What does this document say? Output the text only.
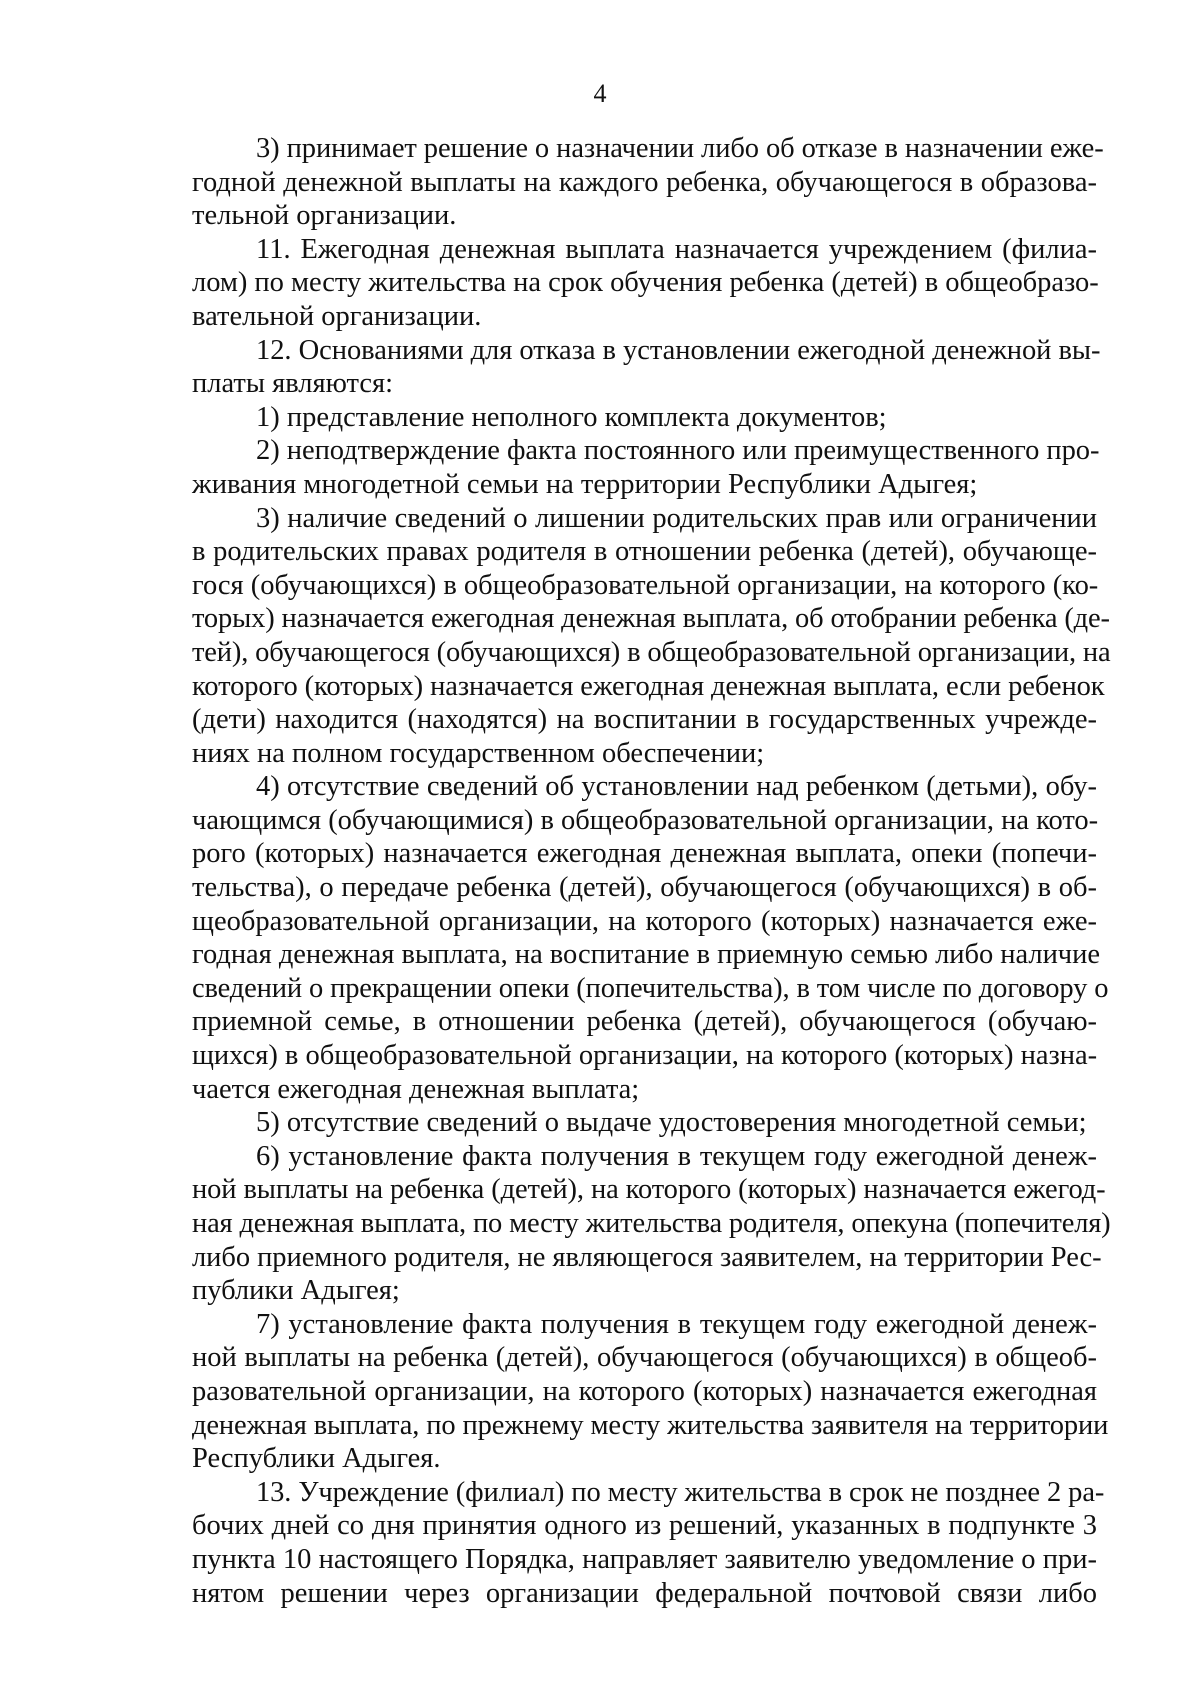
4
3) принимает решение о назначении либо об отказе в назначении еже-
годной денежной выплаты на каждого ребенка, обучающегося в образова-
тельной организации.
11. Ежегодная денежная выплата назначается учреждением (филиа-
лом) по месту жительства на срок обучения ребенка (детей) в общеобразо-
вательной организации.
12. Основаниями для отказа в установлении ежегодной денежной вы-
платы являются:
1) представление неполного комплекта документов;
2) неподтверждение факта постоянного или преимущественного про-
живания многодетной семьи на территории Республики Адыгея;
3) наличие сведений о лишении родительских прав или ограничении
в родительских правах родителя в отношении ребенка (детей), обучающе-
гося (обучающихся) в общеобразовательной организации, на которого (ко-
торых) назначается ежегодная денежная выплата, об отобрании ребенка (де-
тей), обучающегося (обучающихся) в общеобразовательной организации, на
которого (которых) назначается ежегодная денежная выплата, если ребенок
(дети) находится (находятся) на воспитании в государственных учрежде-
ниях на полном государственном обеспечении;
4) отсутствие сведений об установлении над ребенком (детьми), обу-
чающимся (обучающимися) в общеобразовательной организации, на кото-
рого (которых) назначается ежегодная денежная выплата, опеки (попечи-
тельства), о передаче ребенка (детей), обучающегося (обучающихся) в об-
щеобразовательной организации, на которого (которых) назначается еже-
годная денежная выплата, на воспитание в приемную семью либо наличие
сведений о прекращении опеки (попечительства), в том числе по договору о
приемной семье, в отношении ребенка (детей), обучающегося (обучаю-
щихся) в общеобразовательной организации, на которого (которых) назна-
чается ежегодная денежная выплата;
5) отсутствие сведений о выдаче удостоверения многодетной семьи;
6) установление факта получения в текущем году ежегодной денеж-
ной выплаты на ребенка (детей), на которого (которых) назначается ежегод-
ная денежная выплата, по месту жительства родителя, опекуна (попечителя)
либо приемного родителя, не являющегося заявителем, на территории Рес-
публики Адыгея;
7) установление факта получения в текущем году ежегодной денеж-
ной выплаты на ребенка (детей), обучающегося (обучающихся) в общеоб-
разовательной организации, на которого (которых) назначается ежегодная
денежная выплата, по прежнему месту жительства заявителя на территории
Республики Адыгея.
13. Учреждение (филиал) по месту жительства в срок не позднее 2 ра-
бочих дней со дня принятия одного из решений, указанных в подпункте 3
пункта 10 настоящего Порядка, направляет заявителю уведомление о при-
нятом решении через организации федеральной почтовой связи либо
